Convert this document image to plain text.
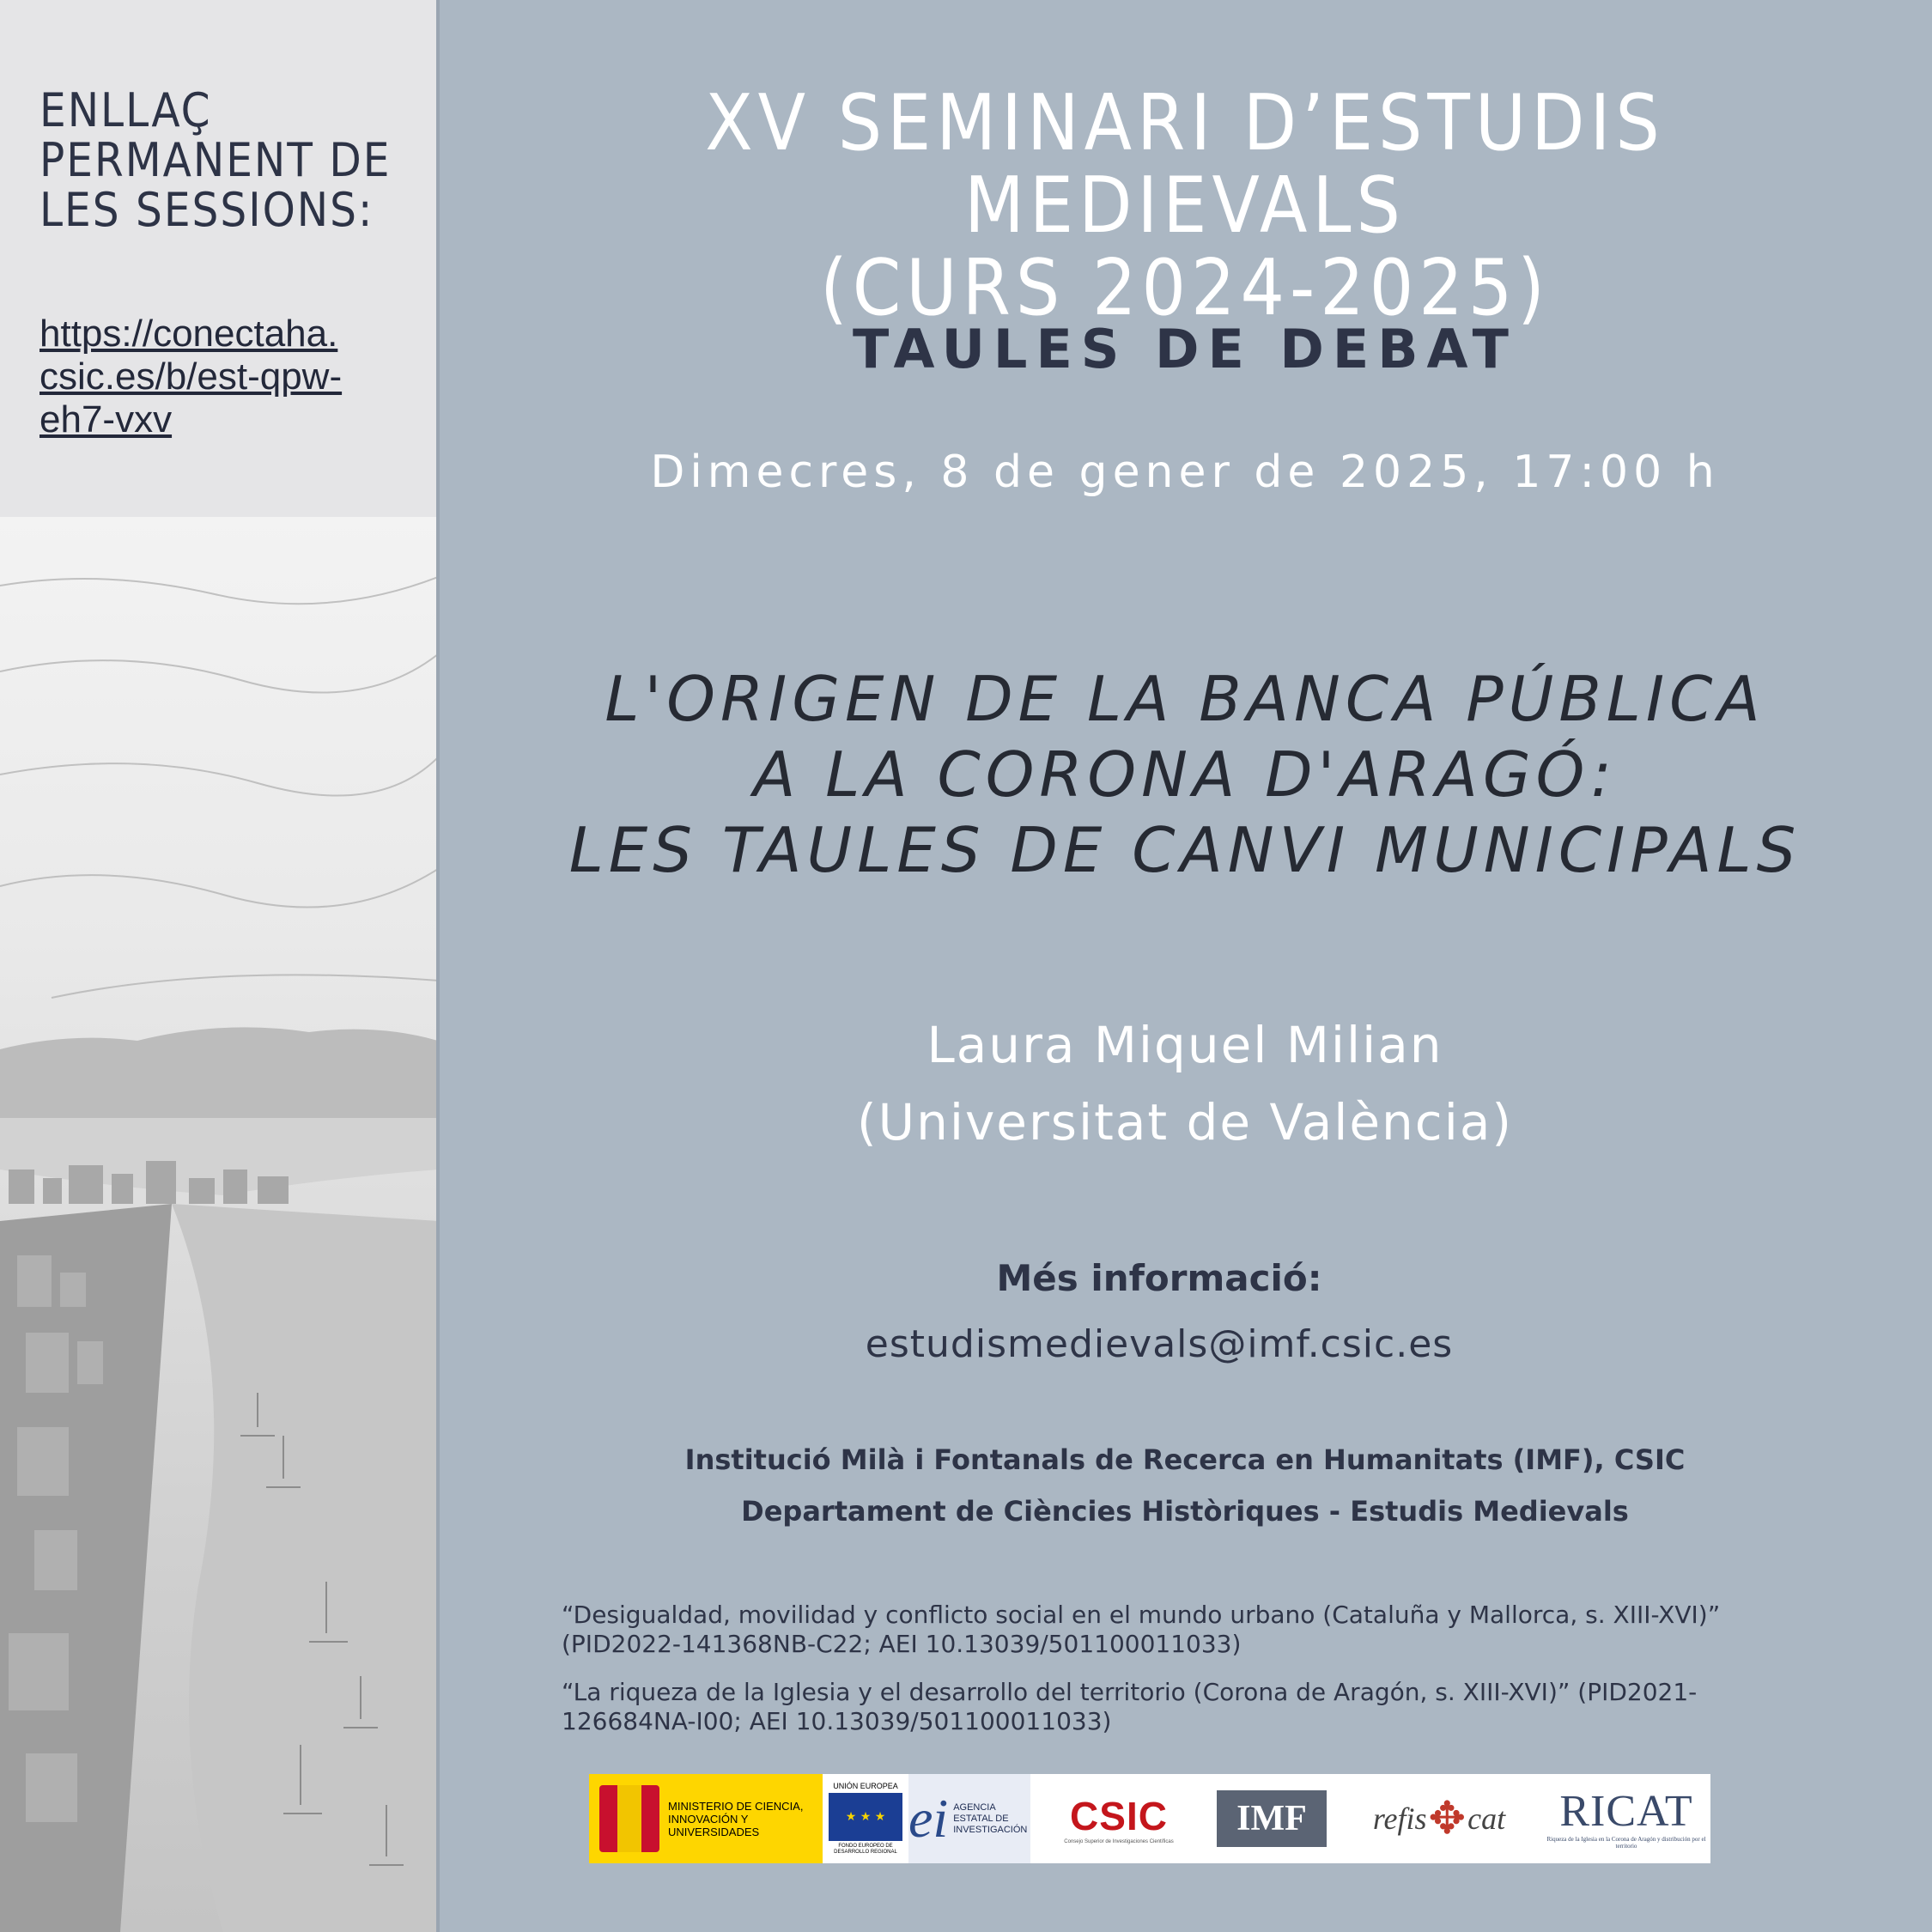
ENLLAÇ
PERMANENT DE
LES SESSIONS:
https://conectaha.
csic.es/b/est-qpw-
eh7-vxv
XV SEMINARI D’ESTUDIS MEDIEVALS
(CURS 2024-2025)
TAULES DE DEBAT
Dimecres, 8 de gener de 2025, 17:00 h
L'ORIGEN DE LA BANCA PÚBLICA
A LA CORONA D'ARAGÓ:
LES TAULES DE CANVI MUNICIPALS
Laura Miquel Milian
(Universitat de València)
Més informació:
estudismedievals@imf.csic.es
Institució Milà i Fontanals de Recerca en Humanitats (IMF), CSIC
Departament de Ciències Històriques - Estudis Medievals

“Desigualdad, movilidad y conflicto social en el mundo urbano (Cataluña y Mallorca, s. XIII-XVI)” (PID2022-141368NB-C22; AEI 10.13039/501100011033)

“La riqueza de la Iglesia y el desarrollo del territorio (Corona de Aragón, s. XIII-XVI)” (PID2021-126684NA-I00; AEI 10.13039/501100011033)

MINISTERIO DE CIENCIA, INNOVACIÓN Y UNIVERSIDADES
UNIÓN EUROPEA
★ ★ ★
FONDO EUROPEO DE DESARROLLO REGIONAL
ei AGENCIA ESTATAL DE INVESTIGACIÓN CSIC
Consejo Superior de Investigaciones Científicas
IMF	refis ✥ cat RICAT
Riqueza de la Iglesia en la Corona de Aragón y distribución por el territorio
